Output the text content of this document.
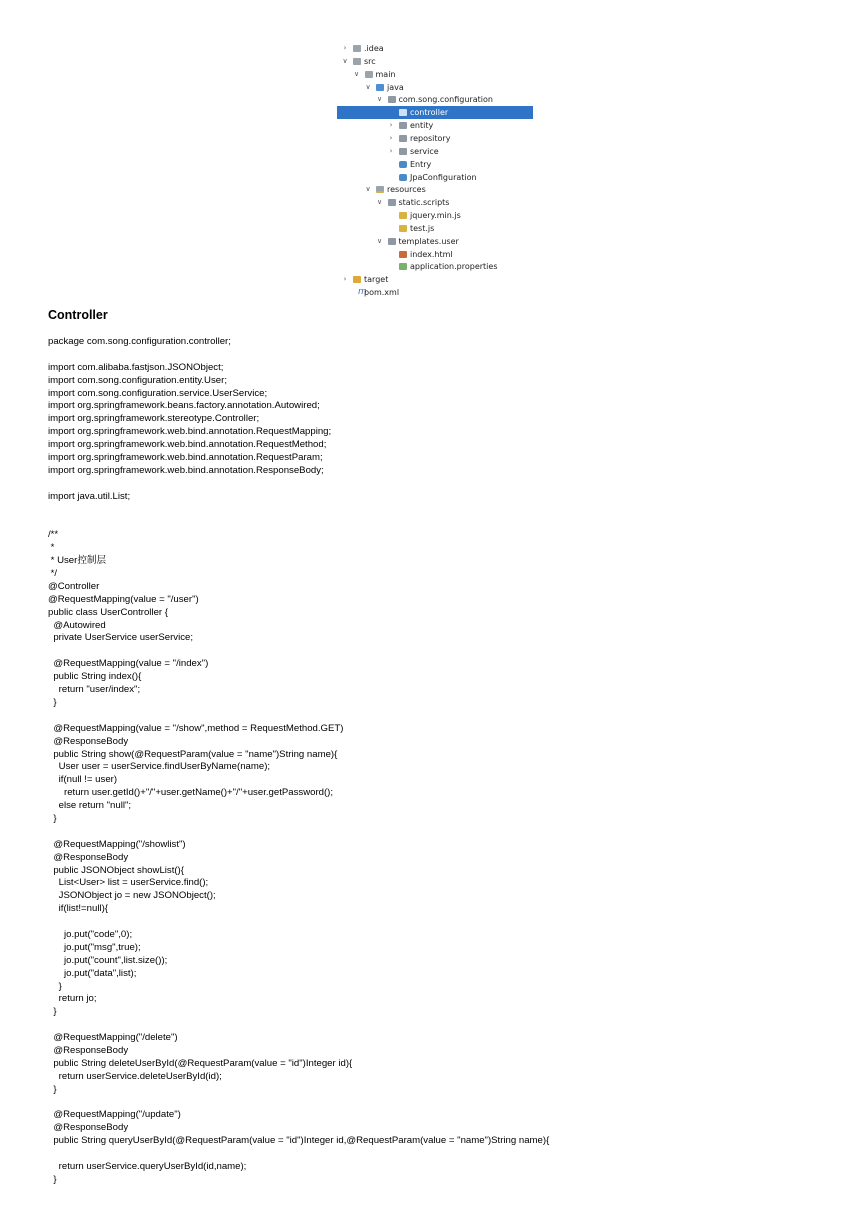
›	.idea
∨ src
∨ main
∨ java
∨ com.song.configuration
controller
›	entity
›	repository
›	service
Entry
JpaConfiguration
∨ resources
∨ static.scripts
jquery.min.js
test.js
∨ templates.user
index.html
application.properties
›	target
m
pom.xml
Controller
package com.song.configuration.controller;
import com.alibaba.fastjson.JSONObject;
import com.song.configuration.entity.User;
import com.song.configuration.service.UserService;
import org.springframework.beans.factory.annotation.Autowired;
import org.springframework.stereotype.Controller;
import org.springframework.web.bind.annotation.RequestMapping;
import org.springframework.web.bind.annotation.RequestMethod;
import org.springframework.web.bind.annotation.RequestParam;
import org.springframework.web.bind.annotation.ResponseBody;
import java.util.List;
/**
*
* User控制层
*/
@Controller
@RequestMapping(value = "/user")
public class UserController {
@Autowired
private UserService userService;
@RequestMapping(value = "/index")
public String index(){
return "user/index";
}
@RequestMapping(value = "/show",method = RequestMethod.GET)
@ResponseBody
public String show(@RequestParam(value = "name")String name){
User user = userService.findUserByName(name);
if(null != user)
return user.getId()+"/"+user.getName()+"/"+user.getPassword();
else return "null";
}
@RequestMapping("/showlist")
@ResponseBody
public JSONObject showList(){
List<User> list = userService.find();
JSONObject jo = new JSONObject();
if(list!=null){
jo.put("code",0);
jo.put("msg",true);
jo.put("count",list.size());
jo.put("data",list);
}
return jo;
}
@RequestMapping("/delete")
@ResponseBody
public String deleteUserById(@RequestParam(value = "id")Integer id){
return userService.deleteUserById(id);
}
@RequestMapping("/update")
@ResponseBody
public String queryUserById(@RequestParam(value = "id")Integer id,@RequestParam(value = "name")String name){
return userService.queryUserById(id,name);
}
